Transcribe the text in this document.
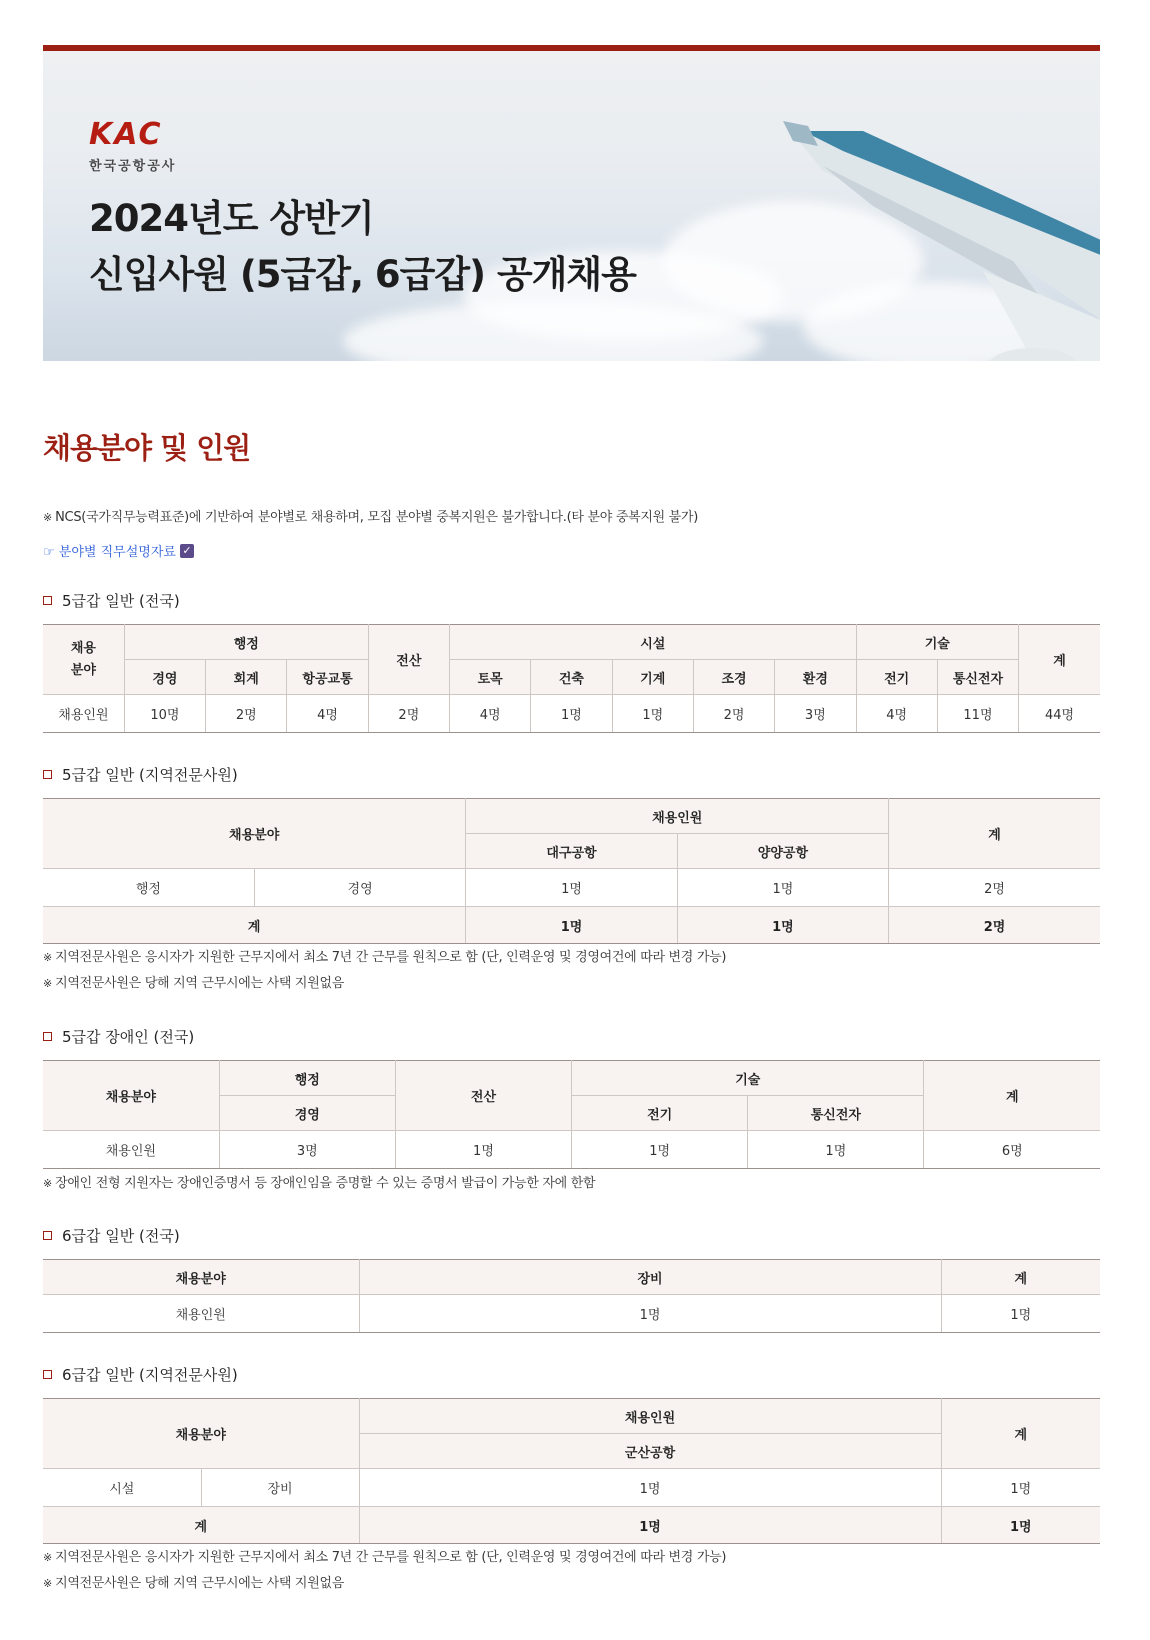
KAC
한국공항공사
2024년도 상반기
신입사원 (5급갑, 6급갑) 공개채용
채용분야 및 인원
※ NCS(국가직무능력표준)에 기반하여 분야별로 채용하며, 모집 분야별 중복지원은 불가합니다.(타 분야 중복지원 불가)
☞ 분야별 직무설명자료 ✓
5급갑 일반 (전국)
채용
분야	행정			전산	시설					기술		계
	경영	회계	항공교통		토목	건축	기계	조경	환경	전기	통신전자	
채용인원	10명	2명	4명	2명	4명	1명	1명	2명	3명	4명	11명	44명
5급갑 일반 (지역전문사원)
채용분야		채용인원		계
		대구공항	양양공항	
행정	경영	1명	1명	2명
계		1명	1명	2명
※ 지역전문사원은 응시자가 지원한 근무지에서 최소 7년 간 근무를 원칙으로 함 (단, 인력운영 및 경영여건에 따라 변경 가능)
※ 지역전문사원은 당해 지역 근무시에는 사택 지원없음
5급갑 장애인 (전국)
채용분야	행정	전산	기술		계
	경영		전기	통신전자	
채용인원	3명	1명	1명	1명	6명
※ 장애인 전형 지원자는 장애인증명서 등 장애인임을 증명할 수 있는 증명서 발급이 가능한 자에 한함
6급갑 일반 (전국)
채용분야	장비	계
채용인원	1명	1명
6급갑 일반 (지역전문사원)
채용분야		채용인원	계
		군산공항	
시설	장비	1명	1명
계		1명	1명
※ 지역전문사원은 응시자가 지원한 근무지에서 최소 7년 간 근무를 원칙으로 함 (단, 인력운영 및 경영여건에 따라 변경 가능)
※ 지역전문사원은 당해 지역 근무시에는 사택 지원없음
